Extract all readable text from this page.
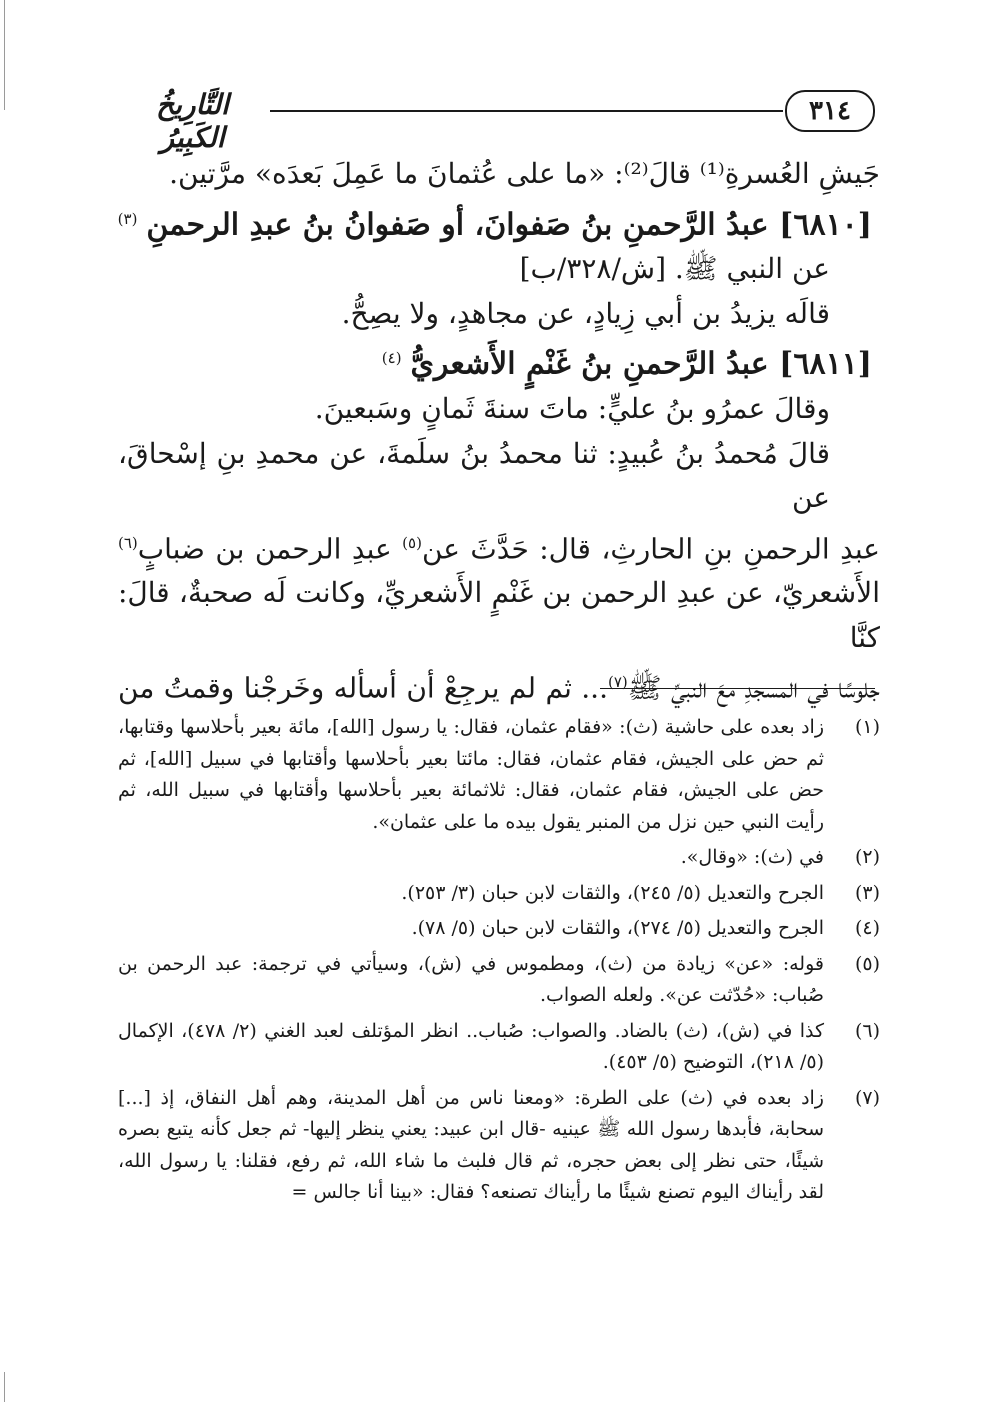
٣١٤
التَّارِيخُ الكَبِيرُ

جَيشِ العُسرةِ⁽¹⁾ قالَ⁽²⁾: «ما على عُثمانَ ما عَمِلَ بَعدَه» مرَّتين.

[٦٨١٠] عبدُ الرَّحمنِ بنُ صَفوانَ، أو صَفوانُ بنُ عبدِ الرحمنِ $^{(٣)}$

عن النبي ﷺ. [ش/٣٢٨/ب]

قالَه يزيدُ بن أبي زِيادٍ، عن مجاهدٍ، ولا يصِحُّ.

[٦٨١١] عبدُ الرَّحمنِ بنُ غَنْمٍ الأَشعريُّ $^{(٤)}$

وقالَ عمرُو بنُ عليٍّ: ماتَ سنةَ ثَمانٍ وسَبعينَ.

قالَ مُحمدُ بنُ عُبيدٍ: ثنا محمدُ بنُ سلَمةَ، عن محمدِ بنِ إسْحاقَ، عن

عبدِ الرحمنِ بنِ الحارثِ، قال: حَدَّثَ عن$^{(٥)}$ عبدِ الرحمن بن ضبابٍ$^{(٦)}$

الأَشعريّ، عن عبدِ الرحمن بن غَنْمٍ الأَشعريِّ، وكانت لَه صحبةٌ، قالَ: كنَّا

جلوسًا في المسجدِ معَ النبيِّ ﷺ$^{(٧)}$... ثم لم يرجِعْ أن أسأله وخَرجْنا وقمتُ من

(١)
زاد بعده على حاشية (ث): «فقام عثمان، فقال: يا رسول [الله]، مائة بعير بأحلاسها وقتابها، ثم حض على الجيش، فقام عثمان، فقال: مائتا بعير بأحلاسها وأقتابها في سبيل [الله]، ثم حض على الجيش، فقام عثمان، فقال: ثلاثمائة بعير بأحلاسها وأقتابها في سبيل الله، ثم رأيت النبي حين نزل من المنبر يقول بيده ما على عثمان».
(٢)
في (ث): «وقال».
(٣)
الجرح والتعديل (٥/ ٢٤٥)، والثقات لابن حبان (٣/ ٢٥٣).
(٤)
الجرح والتعديل (٥/ ٢٧٤)، والثقات لابن حبان (٥/ ٧٨).
(٥)
قوله: «عن» زيادة من (ث)، ومطموس في (ش)، وسيأتي في ترجمة: عبد الرحمن بن صُباب: «حُدّثت عن». ولعله الصواب.
(٦)
كذا في (ش)، (ث) بالضاد. والصواب: صُباب.. انظر المؤتلف لعبد الغني (٢/ ٤٧٨)، الإكمال (٥/ ٢١٨)، التوضيح (٥/ ٤٥٣).
(٧)
زاد بعده في (ث) على الطرة: «ومعنا ناس من أهل المدينة، وهم أهل النفاق، إذ [...] سحابة، فأبدها رسول الله ﷺ عينيه -قال ابن عبيد: يعني ينظر إليها- ثم جعل كأنه يتبع بصره شيئًا، حتى نظر إلى بعض حجره، ثم قال فلبث ما شاء الله، ثم رفع، فقلنا: يا رسول الله، لقد رأيناك اليوم تصنع شيئًا ما رأيناك تصنعه؟ فقال: «بينا أنا جالس =
